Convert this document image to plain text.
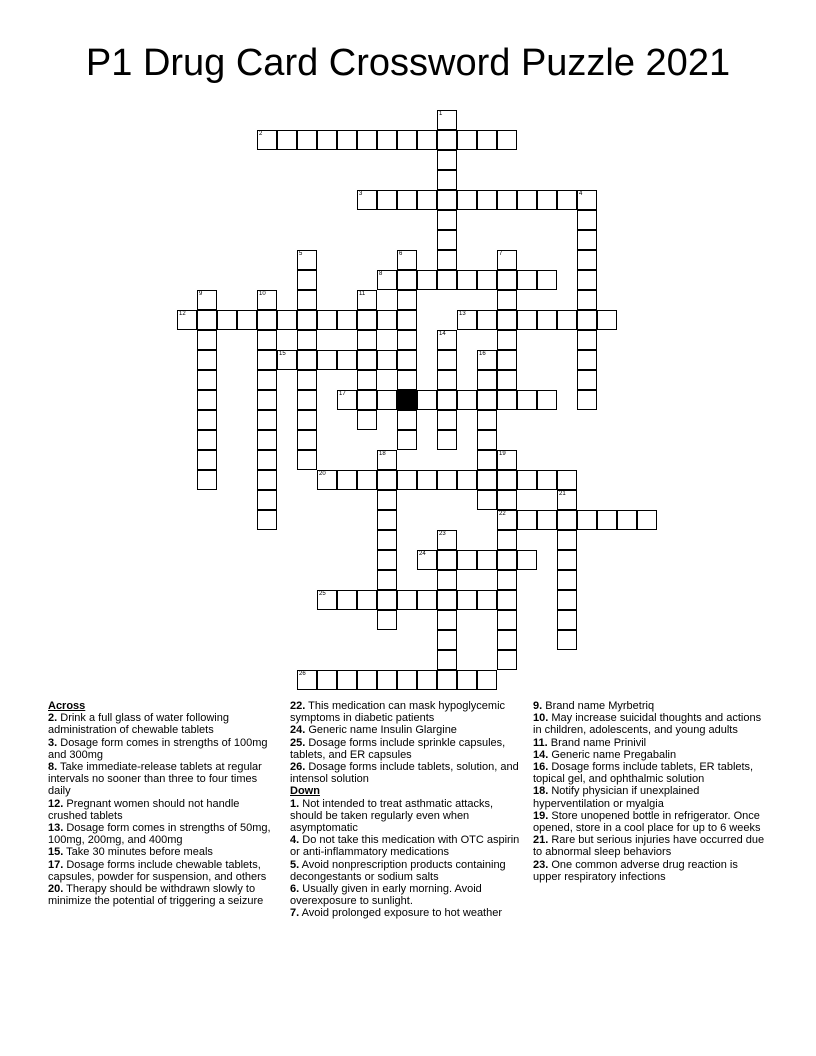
P1 Drug Card Crossword Puzzle 2021
1
2
3	4
5	6	7
8
9	10	11
12	13
14
15	16
17
18	19
22
20
21
23
24
25
26
Across
2. Drink a full glass of water following administration of chewable tablets
3. Dosage form comes in strengths of 100mg and 300mg
8. Take immediate-release tablets at regular intervals no sooner than three to four times daily
12. Pregnant women should not handle crushed tablets
13. Dosage form comes in strengths of 50mg, 100mg, 200mg, and 400mg
15. Take 30 minutes before meals
17. Dosage forms include chewable tablets, capsules, powder for suspension, and others
20. Therapy should be withdrawn slowly to minimize the potential of triggering a seizure
22. This medication can mask hypoglycemic symptoms in diabetic patients
24. Generic name Insulin Glargine
25. Dosage forms include sprinkle capsules, tablets, and ER capsules
26. Dosage forms include tablets, solution, and intensol solution
Down
1. Not intended to treat asthmatic attacks, should be taken regularly even when asymptomatic
4. Do not take this medication with OTC aspirin or anti-inflammatory medications
5. Avoid nonprescription products containing decongestants or sodium salts
6. Usually given in early morning. Avoid overexposure to sunlight.
7. Avoid prolonged exposure to hot weather
9. Brand name Myrbetriq
10. May increase suicidal thoughts and actions in children, adolescents, and young adults
11. Brand name Prinivil
14. Generic name Pregabalin
16. Dosage forms include tablets, ER tablets, topical gel, and ophthalmic solution
18. Notify physician if unexplained hyperventilation or myalgia
19. Store unopened bottle in refrigerator. Once opened, store in a cool place for up to 6 weeks
21. Rare but serious injuries have occurred due to abnormal sleep behaviors
23. One common adverse drug reaction is upper respiratory infections
